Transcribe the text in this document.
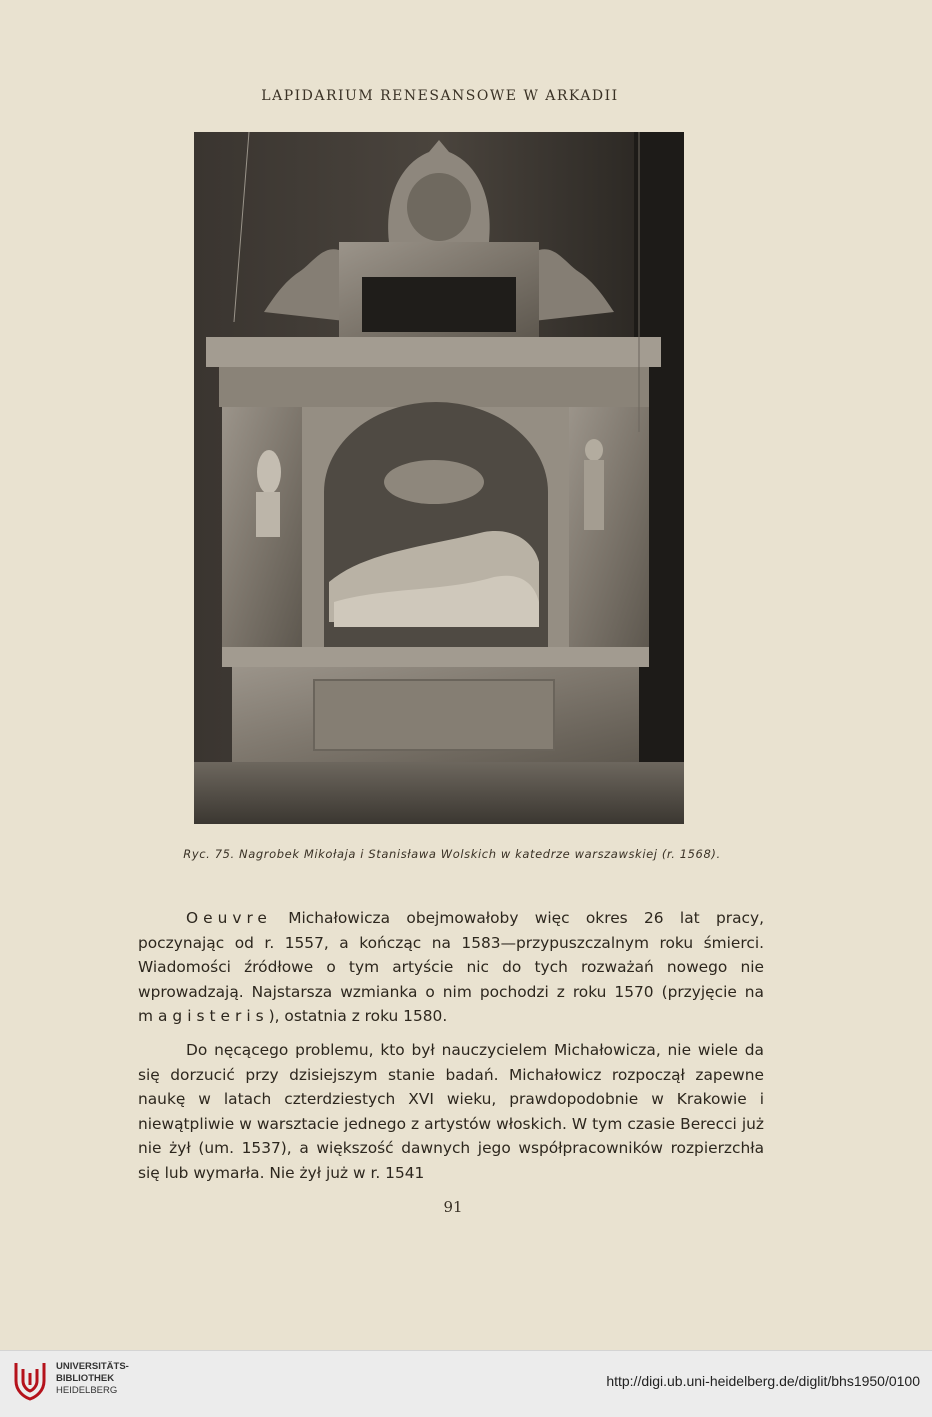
LAPIDARIUM RENESANSOWE W ARKADII
Ryc. 75. Nagrobek Mikołaja i Stanisława Wolskich w katedrze warszawskiej (r. 1568).

Oeuvre Michałowicza obejmowałoby więc okres 26 lat pracy, poczynając od r. 1557, a kończąc na 1583—przypuszczalnym roku śmierci. Wiadomości źródłowe o tym artyście nic do tych rozważań nowego nie wprowadzają. Najstarsza wzmianka o nim pochodzi z roku 1570 (przyjęcie na magisteris), ostatnia z roku 1580.

Do nęcącego problemu, kto był nauczycielem Michałowicza, nie wiele da się dorzucić przy dzisiejszym stanie badań. Michałowicz rozpoczął zapewne naukę w latach czterdziestych XVI wieku, prawdopodobnie w Krakowie i niewątpliwie w warsztacie jednego z artystów włoskich. W tym czasie Berecci już nie żył (um. 1537), a większość dawnych jego współpracowników rozpierzchła się lub wymarła. Nie żył już w r. 1541

91
UNIVERSITÄTS-
BIBLIOTHEK
HEIDELBERG
http://digi.ub.uni-heidelberg.de/diglit/bhs1950/0100
